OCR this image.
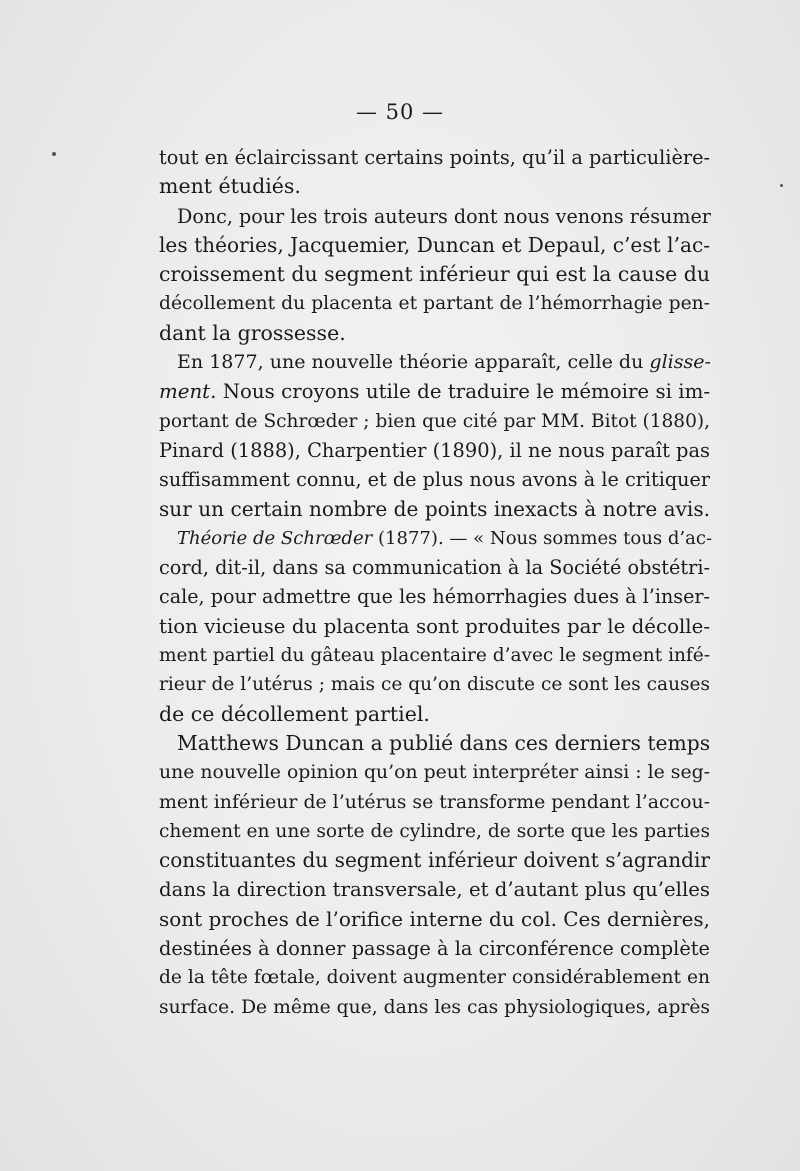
— 50 —
tout en éclaircissant certains points, qu’il a particulière-
ment étudiés.
Donc, pour les trois auteurs dont nous venons résumer
les théories, Jacquemier, Duncan et Depaul, c’est l’ac-
croissement du segment inférieur qui est la cause du
décollement du placenta et partant de l’hémorrhagie pen-
dant la grossesse.
En 1877, une nouvelle théorie apparaît, celle du glisse-
ment. Nous croyons utile de traduire le mémoire si im-
portant de Schrœder ; bien que cité par MM. Bitot (1880),
Pinard (1888), Charpentier (1890), il ne nous paraît pas
suffisamment connu, et de plus nous avons à le critiquer
sur un certain nombre de points inexacts à notre avis.
Théorie de Schrœder (1877). — « Nous sommes tous d’ac-
cord, dit-il, dans sa communication à la Société obstétri-
cale, pour admettre que les hémorrhagies dues à l’inser-
tion vicieuse du placenta sont produites par le décolle-
ment partiel du gâteau placentaire d’avec le segment infé-
rieur de l’utérus ; mais ce qu’on discute ce sont les causes
de ce décollement partiel.
Matthews Duncan a publié dans ces derniers temps
une nouvelle opinion qu’on peut interpréter ainsi : le seg-
ment inférieur de l’utérus se transforme pendant l’accou-
chement en une sorte de cylindre, de sorte que les parties
constituantes du segment inférieur doivent s’agrandir
dans la direction transversale, et d’autant plus qu’elles
sont proches de l’orifice interne du col. Ces dernières,
destinées à donner passage à la circonférence complète
de la tête fœtale, doivent augmenter considérablement en
surface. De même que, dans les cas physiologiques, après
